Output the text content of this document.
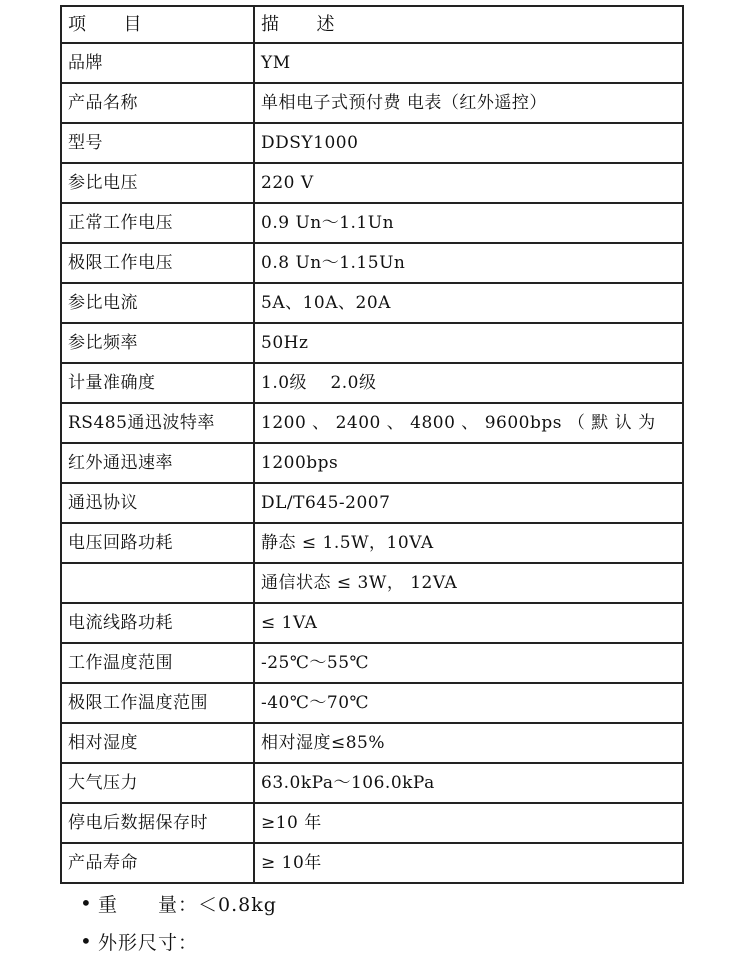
项　　目	描　　述
品牌	YM
产品名称	单相电子式预付费 电表（红外遥控）
型号	DDSY1000
参比电压	220 V
正常工作电压	0.9 Un～1.1Un
极限工作电压	0.8 Un～1.15Un
参比电流	5A、10A、20A
参比频率	50Hz
计量准确度	1.0级　 2.0级
RS485通迅波特率	1200 、 2400 、 4800 、 9600bps （ 默 认 为
红外通迅速率	1200bps
通迅协议	DL/T645-2007
电压回路功耗	静态 ≤ 1.5W，10VA
	通信状态 ≤ 3W， 12VA
电流线路功耗	≤ 1VA
工作温度范围	-25℃～55℃
极限工作温度范围	-40℃～70℃
相对湿度	相对湿度≤85%
大气压力	63.0kPa～106.0kPa
停电后数据保存时	≥10 年
产品寿命	≥ 10年
• 重　　量：＜0.8kg
• 外形尺寸：
